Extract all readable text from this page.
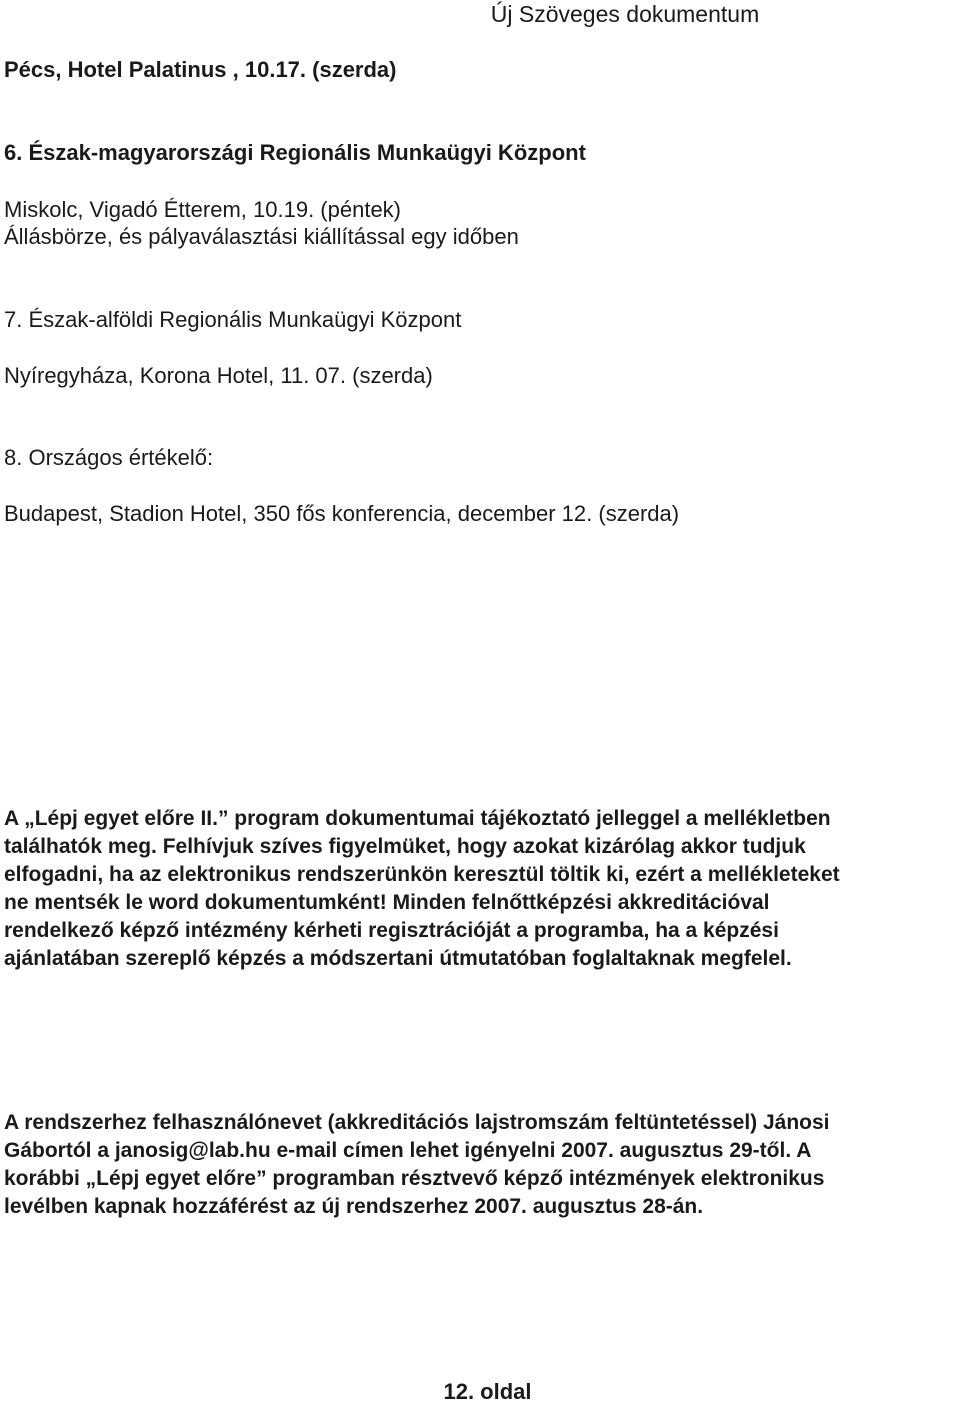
Új Szöveges dokumentum
Pécs, Hotel Palatinus , 10.17. (szerda)
6. Észak-magyarországi Regionális Munkaügyi Központ
Miskolc, Vigadó Étterem, 10.19. (péntek)
Állásbörze, és pályaválasztási kiállítással egy időben
7. Észak-alföldi Regionális Munkaügyi Központ
Nyíregyháza, Korona Hotel, 11. 07. (szerda)
8. Országos értékelő:
Budapest, Stadion Hotel, 350 fős konferencia, december 12. (szerda)
A „Lépj egyet előre II.” program dokumentumai tájékoztató jelleggel a mellékletben
találhatók meg. Felhívjuk szíves figyelmüket, hogy azokat kizárólag akkor tudjuk
elfogadni, ha az elektronikus rendszerünkön keresztül töltik ki, ezért a mellékleteket
ne mentsék le word dokumentumként! Minden felnőttképzési akkreditációval
rendelkező képző intézmény kérheti regisztrációját a programba, ha a képzési
ajánlatában szereplő képzés a módszertani útmutatóban foglaltaknak megfelel.
A rendszerhez felhasználónevet (akkreditációs lajstromszám feltüntetéssel) Jánosi
Gábortól a janosig@lab.hu e-mail címen lehet igényelni 2007. augusztus 29-től. A
korábbi „Lépj egyet előre” programban résztvevő képző intézmények elektronikus
levélben kapnak hozzáférést az új rendszerhez 2007. augusztus 28-án.
12. oldal
